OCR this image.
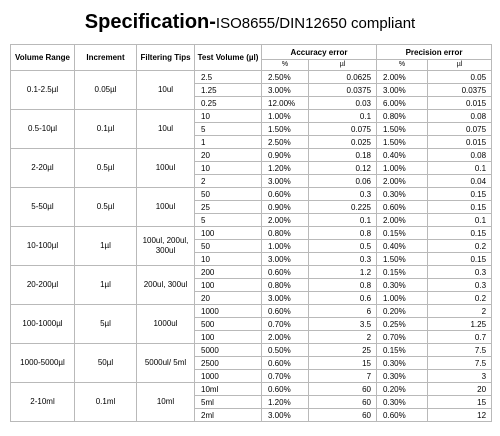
Specification-ISO8655/DIN12650 compliant
Volume Range	Increment	Filtering Tips	Test Volume (µl)	Accuracy error		Precision error	
				%	µl	%	µl
0.1-2.5µl	0.05µl	10ul	2.5	2.50%	0.0625	2.00%	0.05
			1.25	3.00%	0.0375	3.00%	0.0375
			0.25	12.00%	0.03	6.00%	0.015
0.5-10µl	0.1µl	10ul	10	1.00%	0.1	0.80%	0.08
			5	1.50%	0.075	1.50%	0.075
			1	2.50%	0.025	1.50%	0.015
2-20µl	0.5µl	100ul	20	0.90%	0.18	0.40%	0.08
			10	1.20%	0.12	1.00%	0.1
			2	3.00%	0.06	2.00%	0.04
5-50µl	0.5µl	100ul	50	0.60%	0.3	0.30%	0.15
			25	0.90%	0.225	0.60%	0.15
			5	2.00%	0.1	2.00%	0.1
10-100µl	1µl	100ul, 200ul, 300ul	100	0.80%	0.8	0.15%	0.15
			50	1.00%	0.5	0.40%	0.2
			10	3.00%	0.3	1.50%	0.15
20-200µl	1µl	200ul, 300ul	200	0.60%	1.2	0.15%	0.3
			100	0.80%	0.8	0.30%	0.3
			20	3.00%	0.6	1.00%	0.2
100-1000µl	5µl	1000ul	1000	0.60%	6	0.20%	2
			500	0.70%	3.5	0.25%	1.25
			100	2.00%	2	0.70%	0.7
1000-5000µl	50µl	5000ul/ 5ml	5000	0.50%	25	0.15%	7.5
			2500	0.60%	15	0.30%	7.5
			1000	0.70%	7	0.30%	3
2-10ml	0.1ml	10ml	10ml	0.60%	60	0.20%	20
			5ml	1.20%	60	0.30%	15
			2ml	3.00%	60	0.60%	12
